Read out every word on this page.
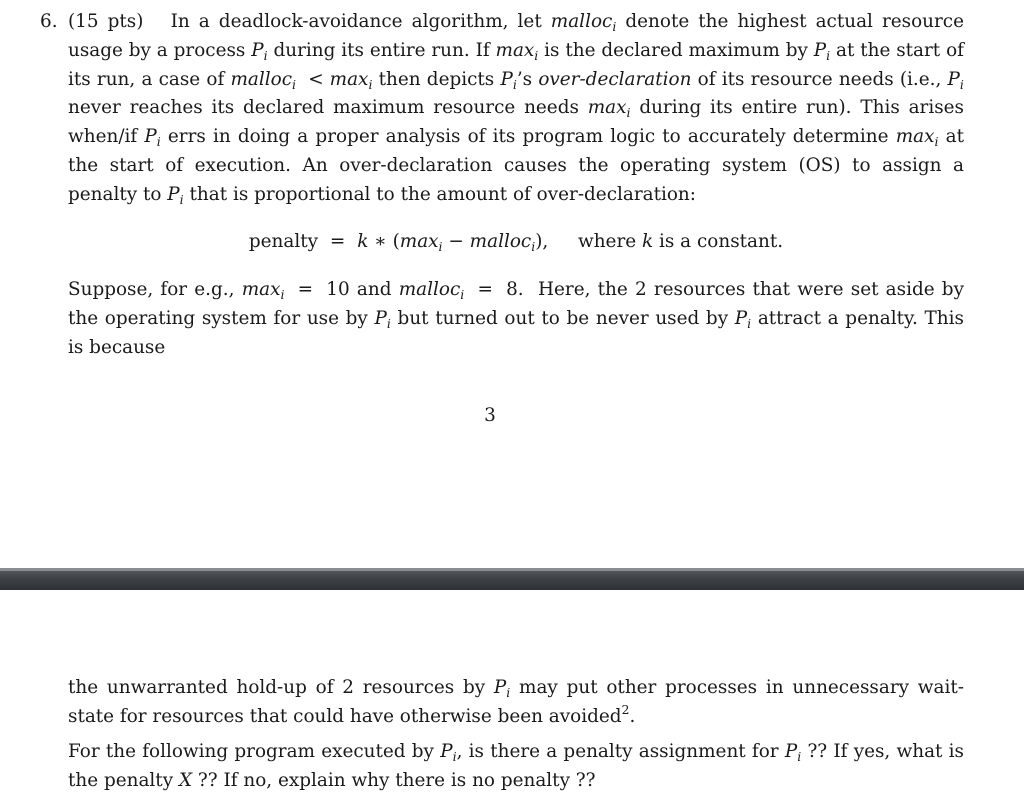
6. (15 pts) In a deadlock-avoidance algorithm, let malloc$_i$ denote the highest actual resource usage by a process $P_i$ during its entire run. If $\max_i$ is the declared maximum by $P_i$ at the start of its run, a case of malloc$_i$ < $\max_i$ then depicts $P_i’s$ over-declaration of its resource needs (i.e., $P_i$ never reaches its declared maximum resource needs $\max_i$ during its entire run). This arises when/if $P_i$ errs in doing a proper analysis of its program logic to accurately determine $\max_i$ at the start of execution. An over-declaration causes the operating system (OS) to assign a penalty to $P_i$ that is proportional to the amount of over-declaration:
penalty = k ∗ ($\max_i$ − malloc$_i$), where k is a constant.
Suppose, for e.g., $\max_i = 10$ and malloc$_i$ = 8. Here, the 2 resources that were set aside by the operating system for use by $P_i$ but turned out to be never used by $P_i$ attract a penalty. This is because
3
the unwarranted hold-up of 2 resources by $P_i$ may put other processes in unnecessary wait-state for resources that could have otherwise been avoided$^2$.
For the following program executed by $P_i$, is there a penalty assignment for $P_i$ ?? If yes, what is the penalty X ?? If no, explain why there is no penalty ??
